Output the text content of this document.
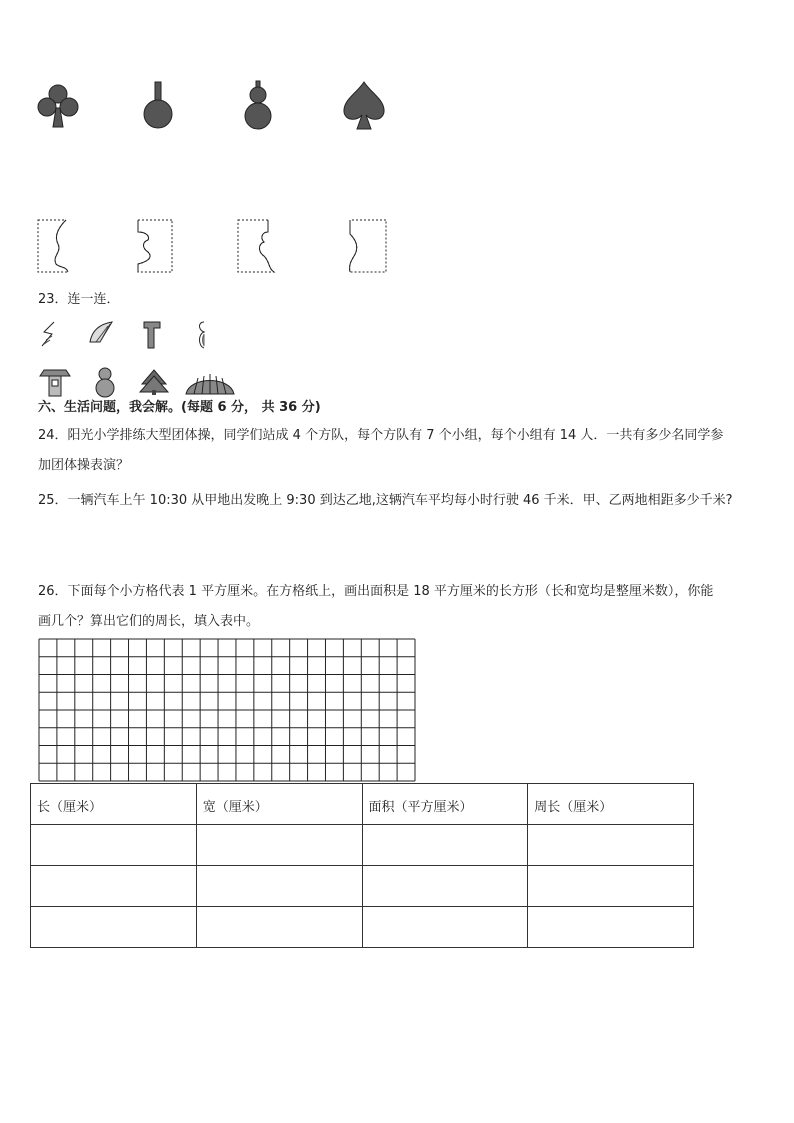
23．连一连．
六、生活问题，我会解。(每题 6 分， 共 36 分)
24．阳光小学排练大型团体操，同学们站成 4 个方队，每个方队有 7 个小组，每个小组有 14 人．一共有多少名同学参
加团体操表演？
25．一辆汽车上午 10:30 从甲地出发晚上 9:30 到达乙地,这辆汽车平均每小时行驶 46 千米．甲、乙两地相距多少千米?
26．下面每个小方格代表 1 平方厘米。在方格纸上，画出面积是 18 平方厘米的长方形（长和宽均是整厘米数），你能
画几个？算出它们的周长，填入表中。
长（厘米）	宽（厘米）	面积（平方厘米）	周长（厘米）
